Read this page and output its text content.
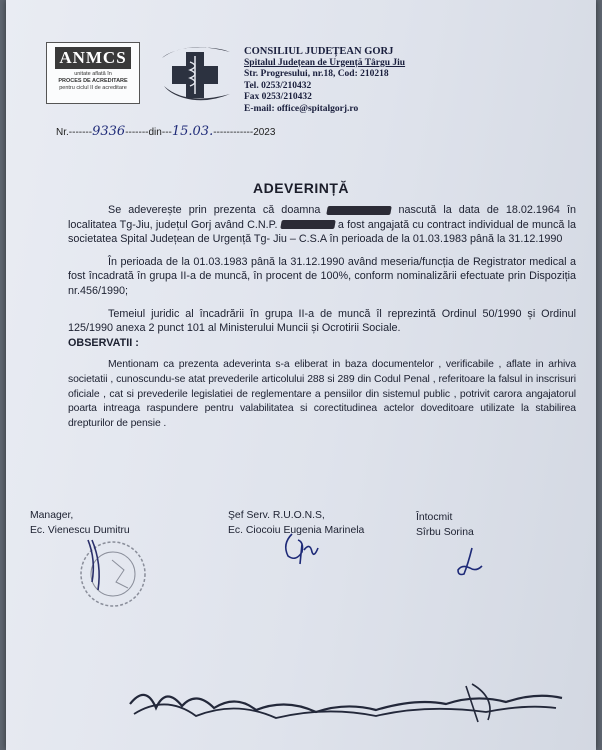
ANMCS
unitate aflată în
PROCES DE ACREDITARE
pentru ciclul II de acreditare
CONSILIUL JUDEȚEAN GORJ
Spitalul Județean de Urgență Târgu Jiu
Str. Progresului, nr.18, Cod: 210218
Tel. 0253/210432
Fax 0253/210432
E-mail: office@spitalgorj.ro
Nr.-------9336-------din---15.03.------------2023
ADEVERINȚĂ

Se adeverește prin prezenta că doamna	nascută la data de 18.02.1964 în localitatea Tg-Jiu, județul Gorj având C.N.P.	a fost angajată cu contract individual de muncă la societatea Spital Județean de Urgență Tg- Jiu – C.S.A în perioada de la 01.03.1983 până la 31.12.1990

În perioada de la 01.03.1983 până la 31.12.1990 având meseria/funcția de Registrator medical a fost încadrată în grupa II-a de muncă, în procent de 100%, conform nominalizării efectuate prin Dispoziția nr.456/1990;

Temeiul juridic al încadrării în grupa II-a de muncă îl reprezintă Ordinul 50/1990 și Ordinul 125/1990 anexa 2 punct 101 al Ministerului Muncii și Ocrotirii Sociale.

OBSERVATII :

Mentionam ca prezenta adeverinta s-a eliberat in baza documentelor , verificabile , aflate in arhiva societatii , cunoscundu-se atat prevederile articolului 288 si 289 din Codul Penal , referitoare la falsul in inscrisuri oficiale , cat si prevederile legislatiei de reglementare a pensiilor din sistemul public , potrivit carora angajatorul poarta intreaga raspundere pentru valabilitatea si corectitudinea actelor doveditoare utilizate la stabilirea drepturilor de pensie .

Manager,
Ec. Vienescu Dumitru
Şef Serv. R.U.O.N.S,
Ec. Ciocoiu Eugenia Marinela
Întocmit
Sîrbu Sorina
